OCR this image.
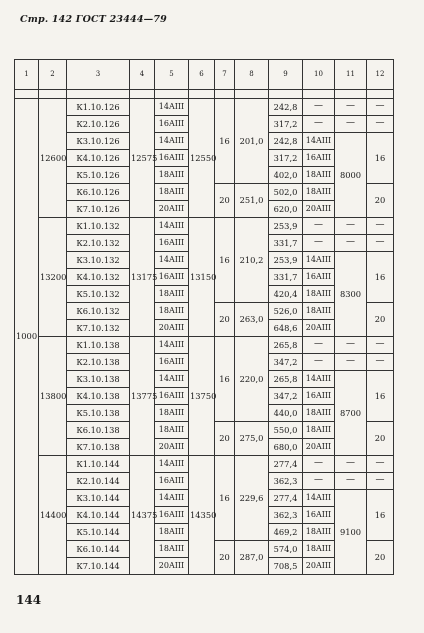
Стр. 142 ГОСТ 23444—79
1	2	3	4	5	6	7	8	9	10	11	12

1000	12600	К1.10.126	12575	14AIII	12550	16	201,0	242,8	—	—	—
		К2.10.126		16AIII				317,2	—	—	—
		К3.10.126		14AIII				242,8	14AIII	8000	16
		К4.10.126		16AIII				317,2	16AIII		
		К5.10.126		18AIII				402,0	18AIII		
		К6.10.126		18AIII		20	251,0	502,0	18AIII		20
		К7.10.126		20AIII				620,0	20AIII		
	13200	К1.10.132	13175	14AIII	13150	16	210,2	253,9	—	—	—
		К2.10.132		16AIII				331,7	—	—	—
		К3.10.132		14AIII				253,9	14AIII	8300	16
		К4.10.132		16AIII				331,7	16AIII		
		К5.10.132		18AIII				420,4	18AIII		
		К6.10.132		18AIII		20	263,0	526,0	18AIII		20
		К7.10.132		20AIII				648,6	20AIII		
	13800	К1.10.138	13775	14AIII	13750	16	220,0	265,8	—	—	—
		К2.10.138		16AIII				347,2	—	—	—
		К3.10.138		14AIII				265,8	14AIII	8700	16
		К4.10.138		16AIII				347,2	16AIII		
		К5.10.138		18AIII				440,0	18AIII		
		К6.10.138		18AIII		20	275,0	550,0	18AIII		20
		К7.10.138		20AIII				680,0	20AIII		
	14400	К1.10.144	14375	14AIII	14350	16	229,6	277,4	—	—	—
		К2.10.144		16AIII				362,3	—	—	—
		К3.10.144		14AIII				277,4	14AIII	9100	16
		К4.10.144		16AIII				362,3	16AIII		
		К5.10.144		18AIII				469,2	18AIII		
		К6.10.144		18AIII		20	287,0	574,0	18AIII		20
		К7.10.144		20AIII				708,5	20AIII		
144
